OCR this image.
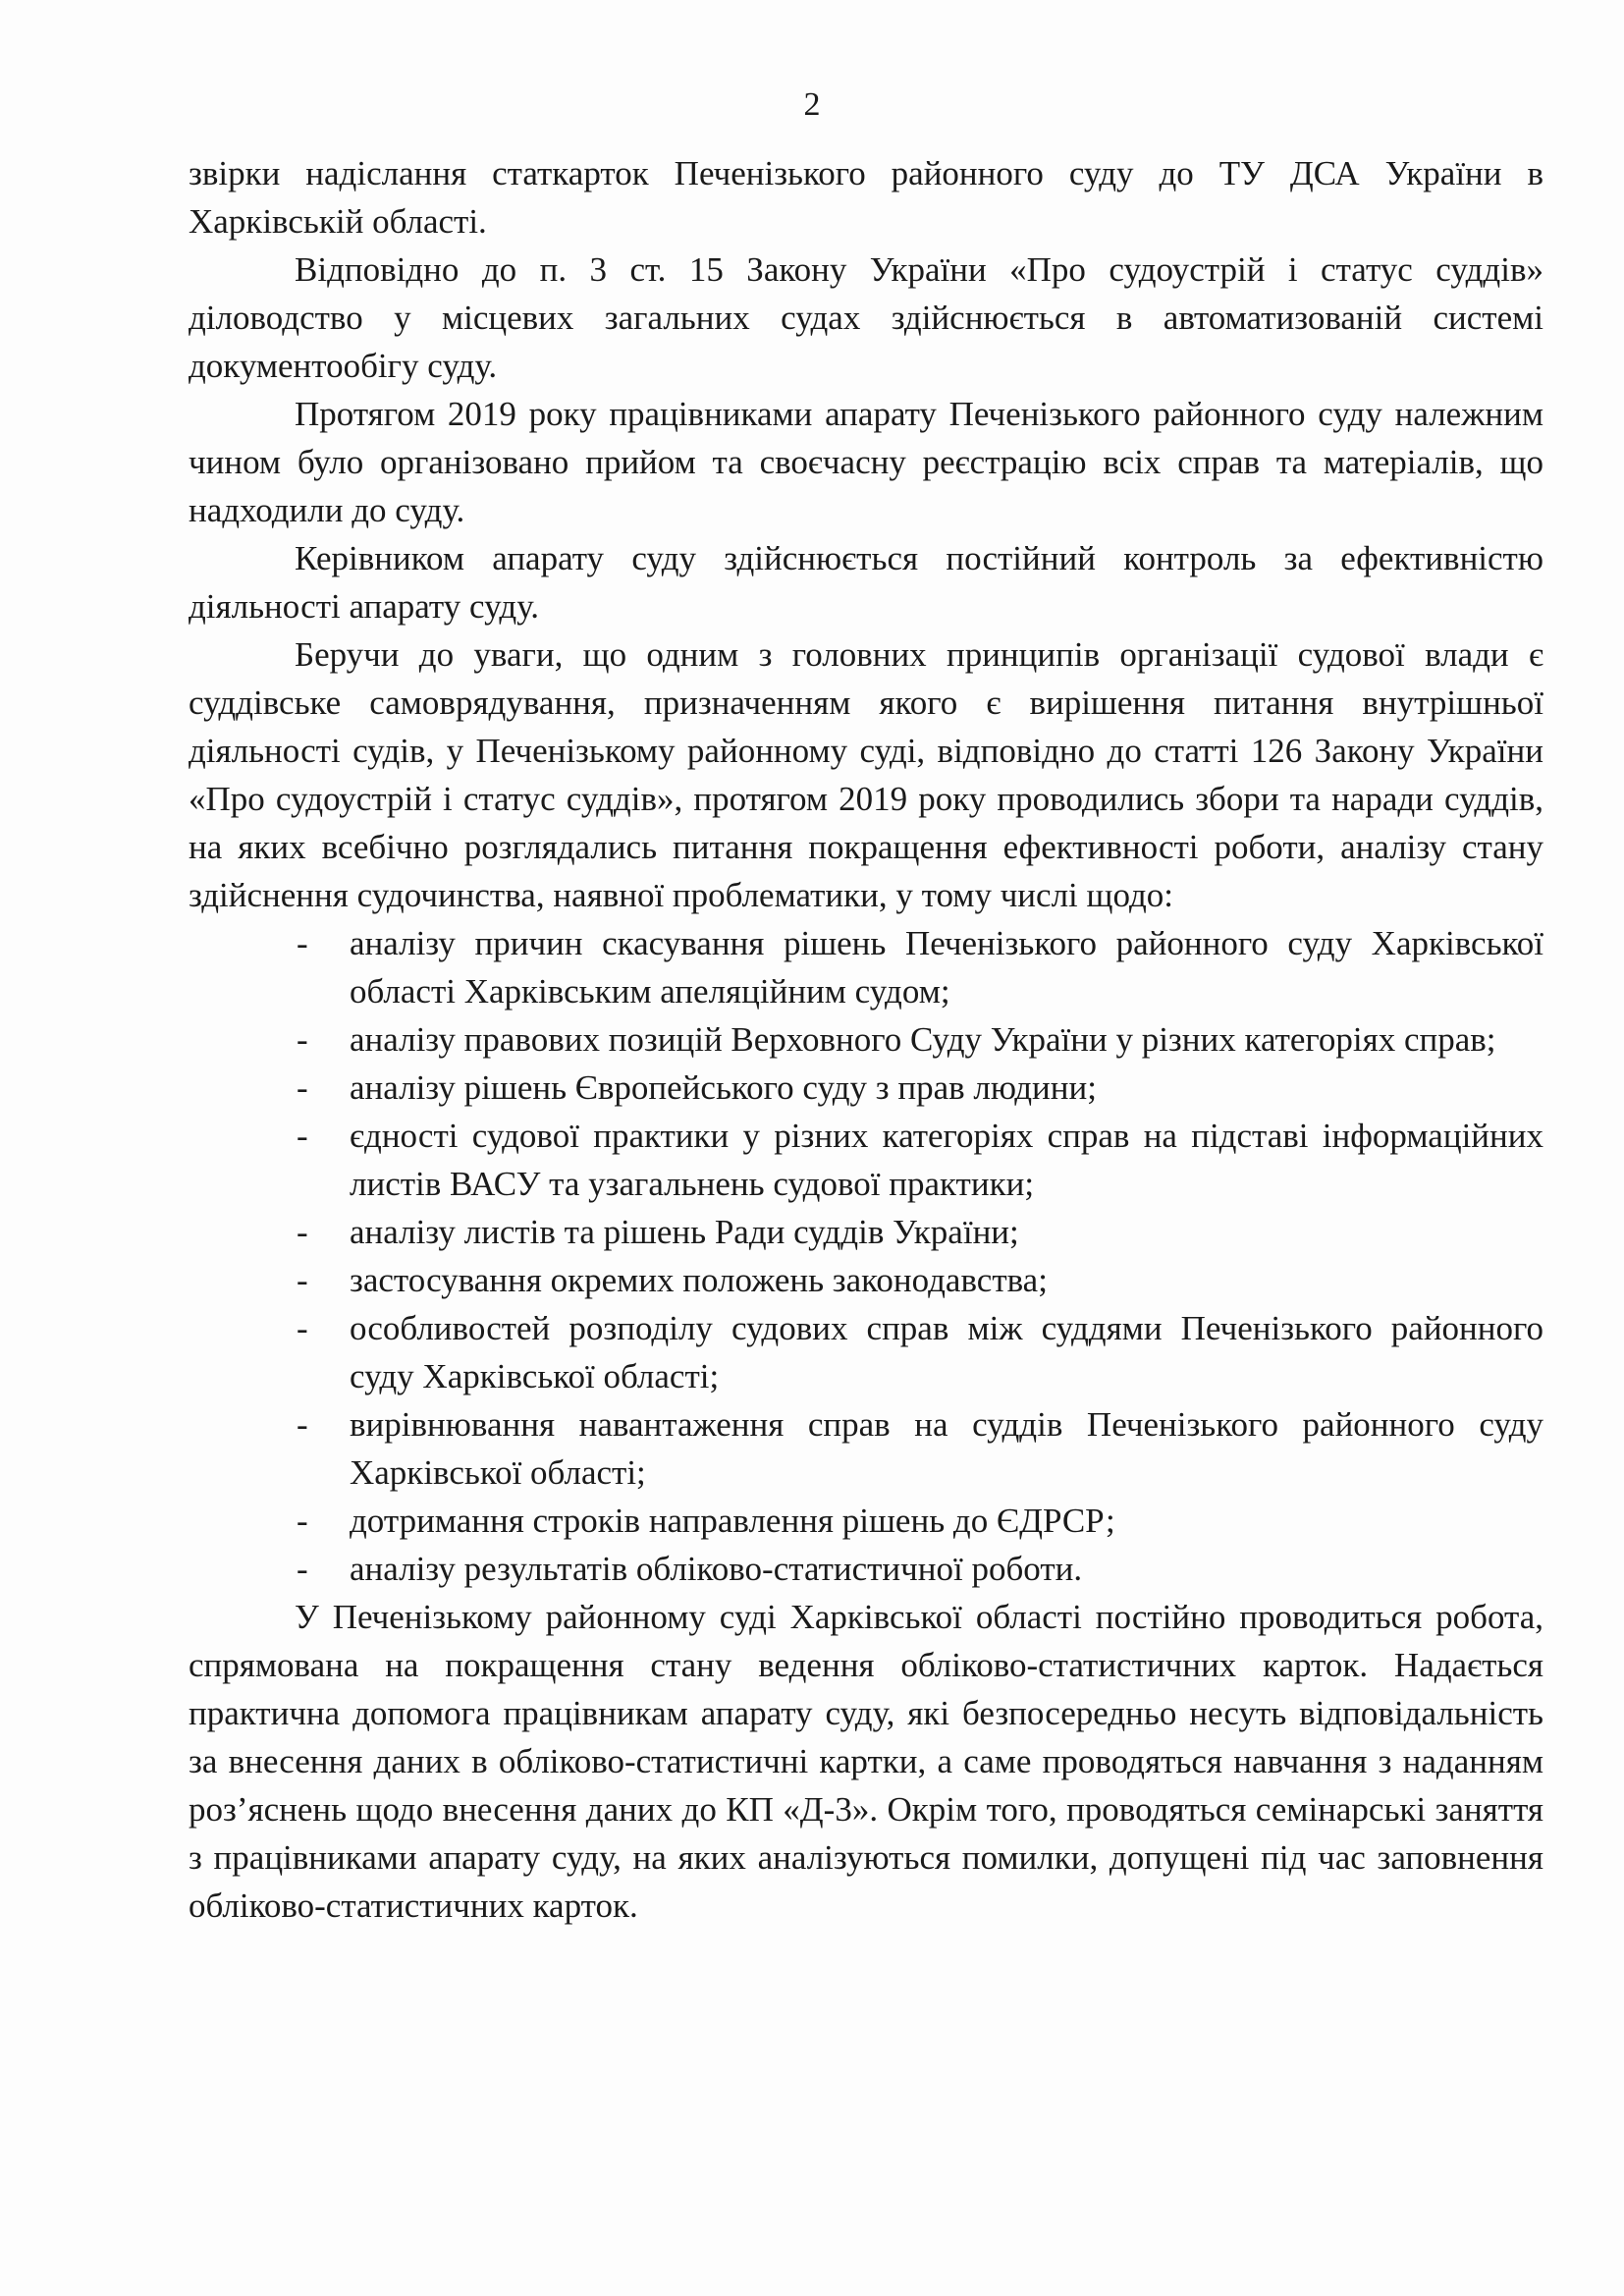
2

звірки надіслання статкарток Печенізького районного суду до ТУ ДСА України в Харківській області.

Відповідно до п. 3 ст. 15 Закону України «Про судоустрій і статус суддів» діловодство у місцевих загальних судах здійснюється в автоматизованій системі документообігу суду.

Протягом 2019 року працівниками апарату Печенізького районного суду належним чином було організовано прийом та своєчасну реєстрацію всіх справ та матеріалів, що надходили до суду.

Керівником апарату суду здійснюється постійний контроль за ефективністю діяльності апарату суду.

Беручи до уваги, що одним з головних принципів організації судової влади є суддівське самоврядування, призначенням якого є вирішення питання внутрішньої діяльності судів, у Печенізькому районному суді, відповідно до статті 126 Закону України «Про судоустрій і статус суддів», протягом 2019 року проводились збори та наради суддів, на яких всебічно розглядались питання покращення ефективності роботи, аналізу стану здійснення судочинства, наявної проблематики, у тому числі щодо:

- аналізу причин скасування рішень Печенізького районного суду Харківської області Харківським апеляційним судом;
- аналізу правових позицій Верховного Суду України у різних категоріях справ;
- аналізу рішень Європейського суду з прав людини;
- єдності судової практики у різних категоріях справ на підставі інформаційних листів ВАСУ та узагальнень судової практики;
- аналізу листів та рішень Ради суддів України;
- застосування окремих положень законодавства;
- особливостей розподілу судових справ між суддями Печенізького районного суду Харківської області;
- вирівнювання навантаження справ на суддів Печенізького районного суду Харківської області;
- дотримання строків направлення рішень до ЄДРСР;
- аналізу результатів обліково-статистичної роботи.

У Печенізькому районному суді Харківської області постійно проводиться робота, спрямована на покращення стану ведення обліково-статистичних карток. Надається практична допомога працівникам апарату суду, які безпосередньо несуть відповідальність за внесення даних в обліково-статистичні картки, а саме проводяться навчання з наданням роз’яснень щодо внесення даних до КП «Д-3». Окрім того, проводяться семінарські заняття з працівниками апарату суду, на яких аналізуються помилки, допущені під час заповнення обліково-статистичних карток.
